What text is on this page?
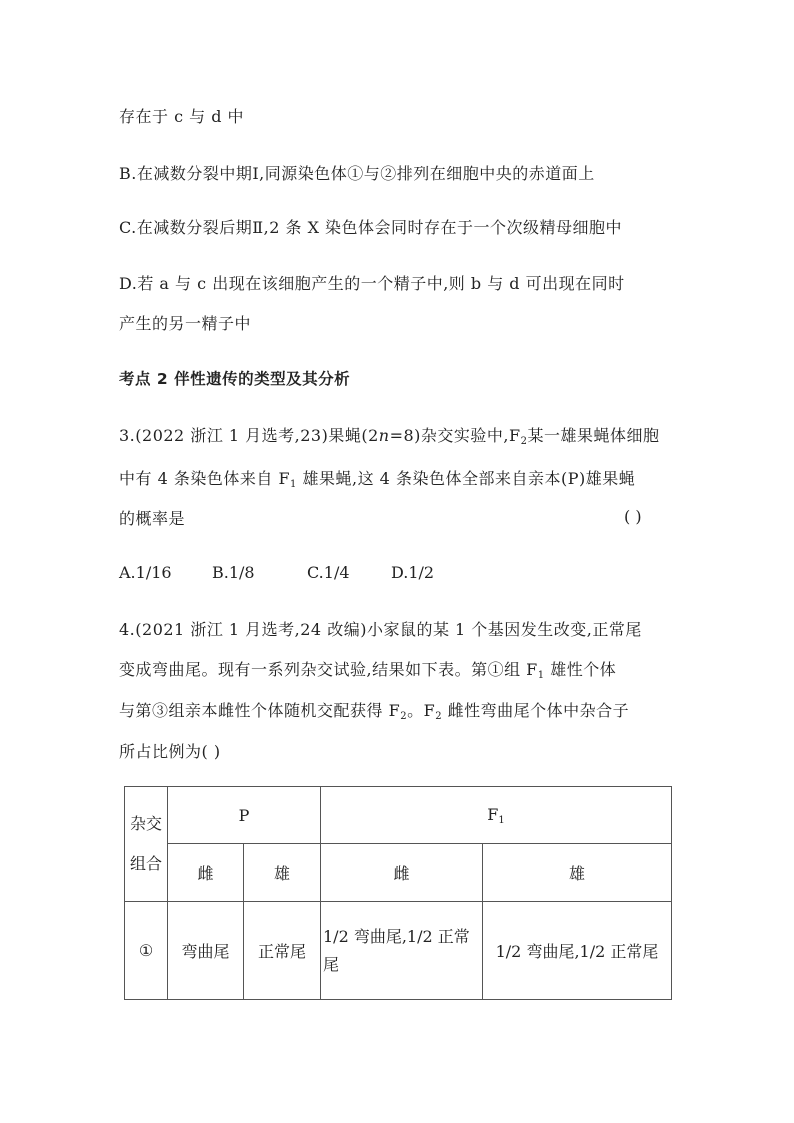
存在于 c 与 d 中
B.在减数分裂中期Ⅰ,同源染色体①与②排列在细胞中央的赤道面上
C.在减数分裂后期Ⅱ,2 条 X 染色体会同时存在于一个次级精母细胞中
D.若 a 与 c 出现在该细胞产生的一个精子中,则 b 与 d 可出现在同时
产生的另一精子中
考点 2 伴性遗传的类型及其分析
3.(2022 浙江 1 月选考,23)果蝇(2n=8)杂交实验中$,F_2$某一雄果蝇体细胞
中有 4 条染色体来自 $F_1$ 雄果蝇,这 4 条染色体全部来自亲本(P)雄果蝇
的概率是	( )
A.1/16	B.1/8	C.1/4	D.1/2
4.(2021 浙江 1 月选考,24 改编)小家鼠的某 1 个基因发生改变,正常尾
变成弯曲尾。现有一系列杂交试验,结果如下表。第①组 $F_1$ 雄性个体
与第③组亲本雌性个体随机交配获得 $F_2$。$F_2$ 雌性弯曲尾个体中杂合子
所占比例为( )
杂交
组合	P		$F_1$
	雌	雄	雌	雄
①	弯曲尾	正常尾	1/2 弯曲尾,1/2 正常尾	1/2 弯曲尾,1/2 正常尾
